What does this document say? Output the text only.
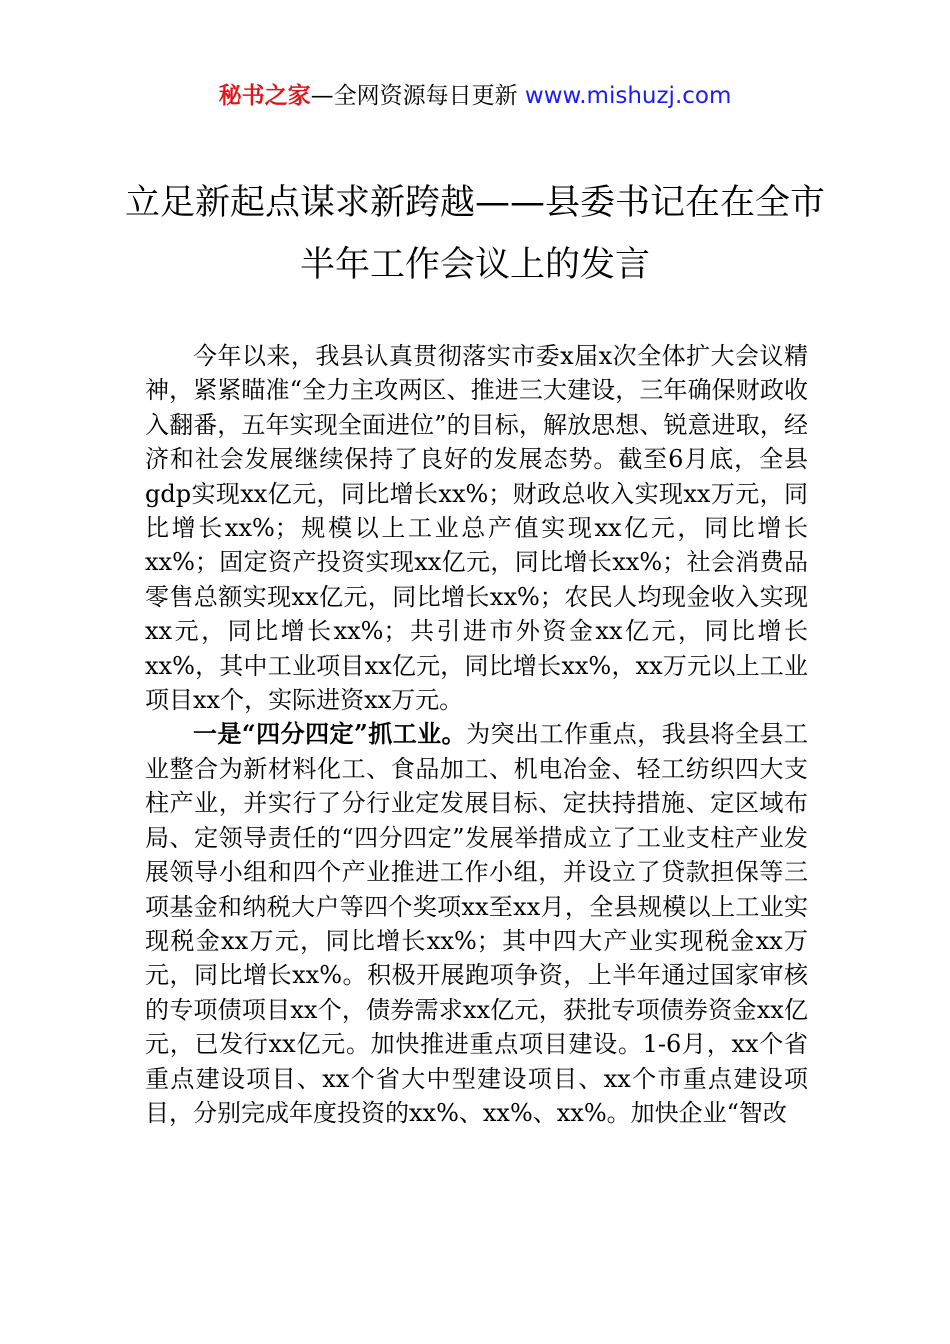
秘书之家—全网资源每日更新 www.mishuzj.com
立足新起点谋求新跨越——县委书记在在全市半年工作会议上的发言

今年以来，我县认真贯彻落实市委x届x次全体扩大会议精神，紧紧瞄准“全力主攻两区、推进三大建设，三年确保财政收入翻番，五年实现全面进位”的目标，解放思想、锐意进取，经济和社会发展继续保持了良好的发展态势。截至6月底，全县gdp实现xx亿元，同比增长xx%；财政总收入实现xx万元，同比增长xx%；规模以上工业总产值实现xx亿元，同比增长xx%；固定资产投资实现xx亿元，同比增长xx%；社会消费品零售总额实现xx亿元，同比增长xx%；农民人均现金收入实现xx元，同比增长xx%；共引进市外资金xx亿元，同比增长xx%，其中工业项目xx亿元，同比增长xx%，xx万元以上工业项目xx个，实际进资xx万元。

一是“四分四定”抓工业。为突出工作重点，我县将全县工业整合为新材料化工、食品加工、机电冶金、轻工纺织四大支柱产业，并实行了分行业定发展目标、定扶持措施、定区域布局、定领导责任的“四分四定”发展举措成立了工业支柱产业发展领导小组和四个产业推进工作小组，并设立了贷款担保等三项基金和纳税大户等四个奖项xx至xx月，全县规模以上工业实现税金xx万元，同比增长xx%；其中四大产业实现税金xx万元，同比增长xx%。积极开展跑项争资，上半年通过国家审核的专项债项目xx个，债券需求xx亿元，获批专项债券资金xx亿元，已发行xx亿元。加快推进重点项目建设。1-6月，xx个省重点建设项目、xx个省大中型建设项目、xx个市重点建设项目，分别完成年度投资的xx%、xx%、xx%。加快企业“智改
